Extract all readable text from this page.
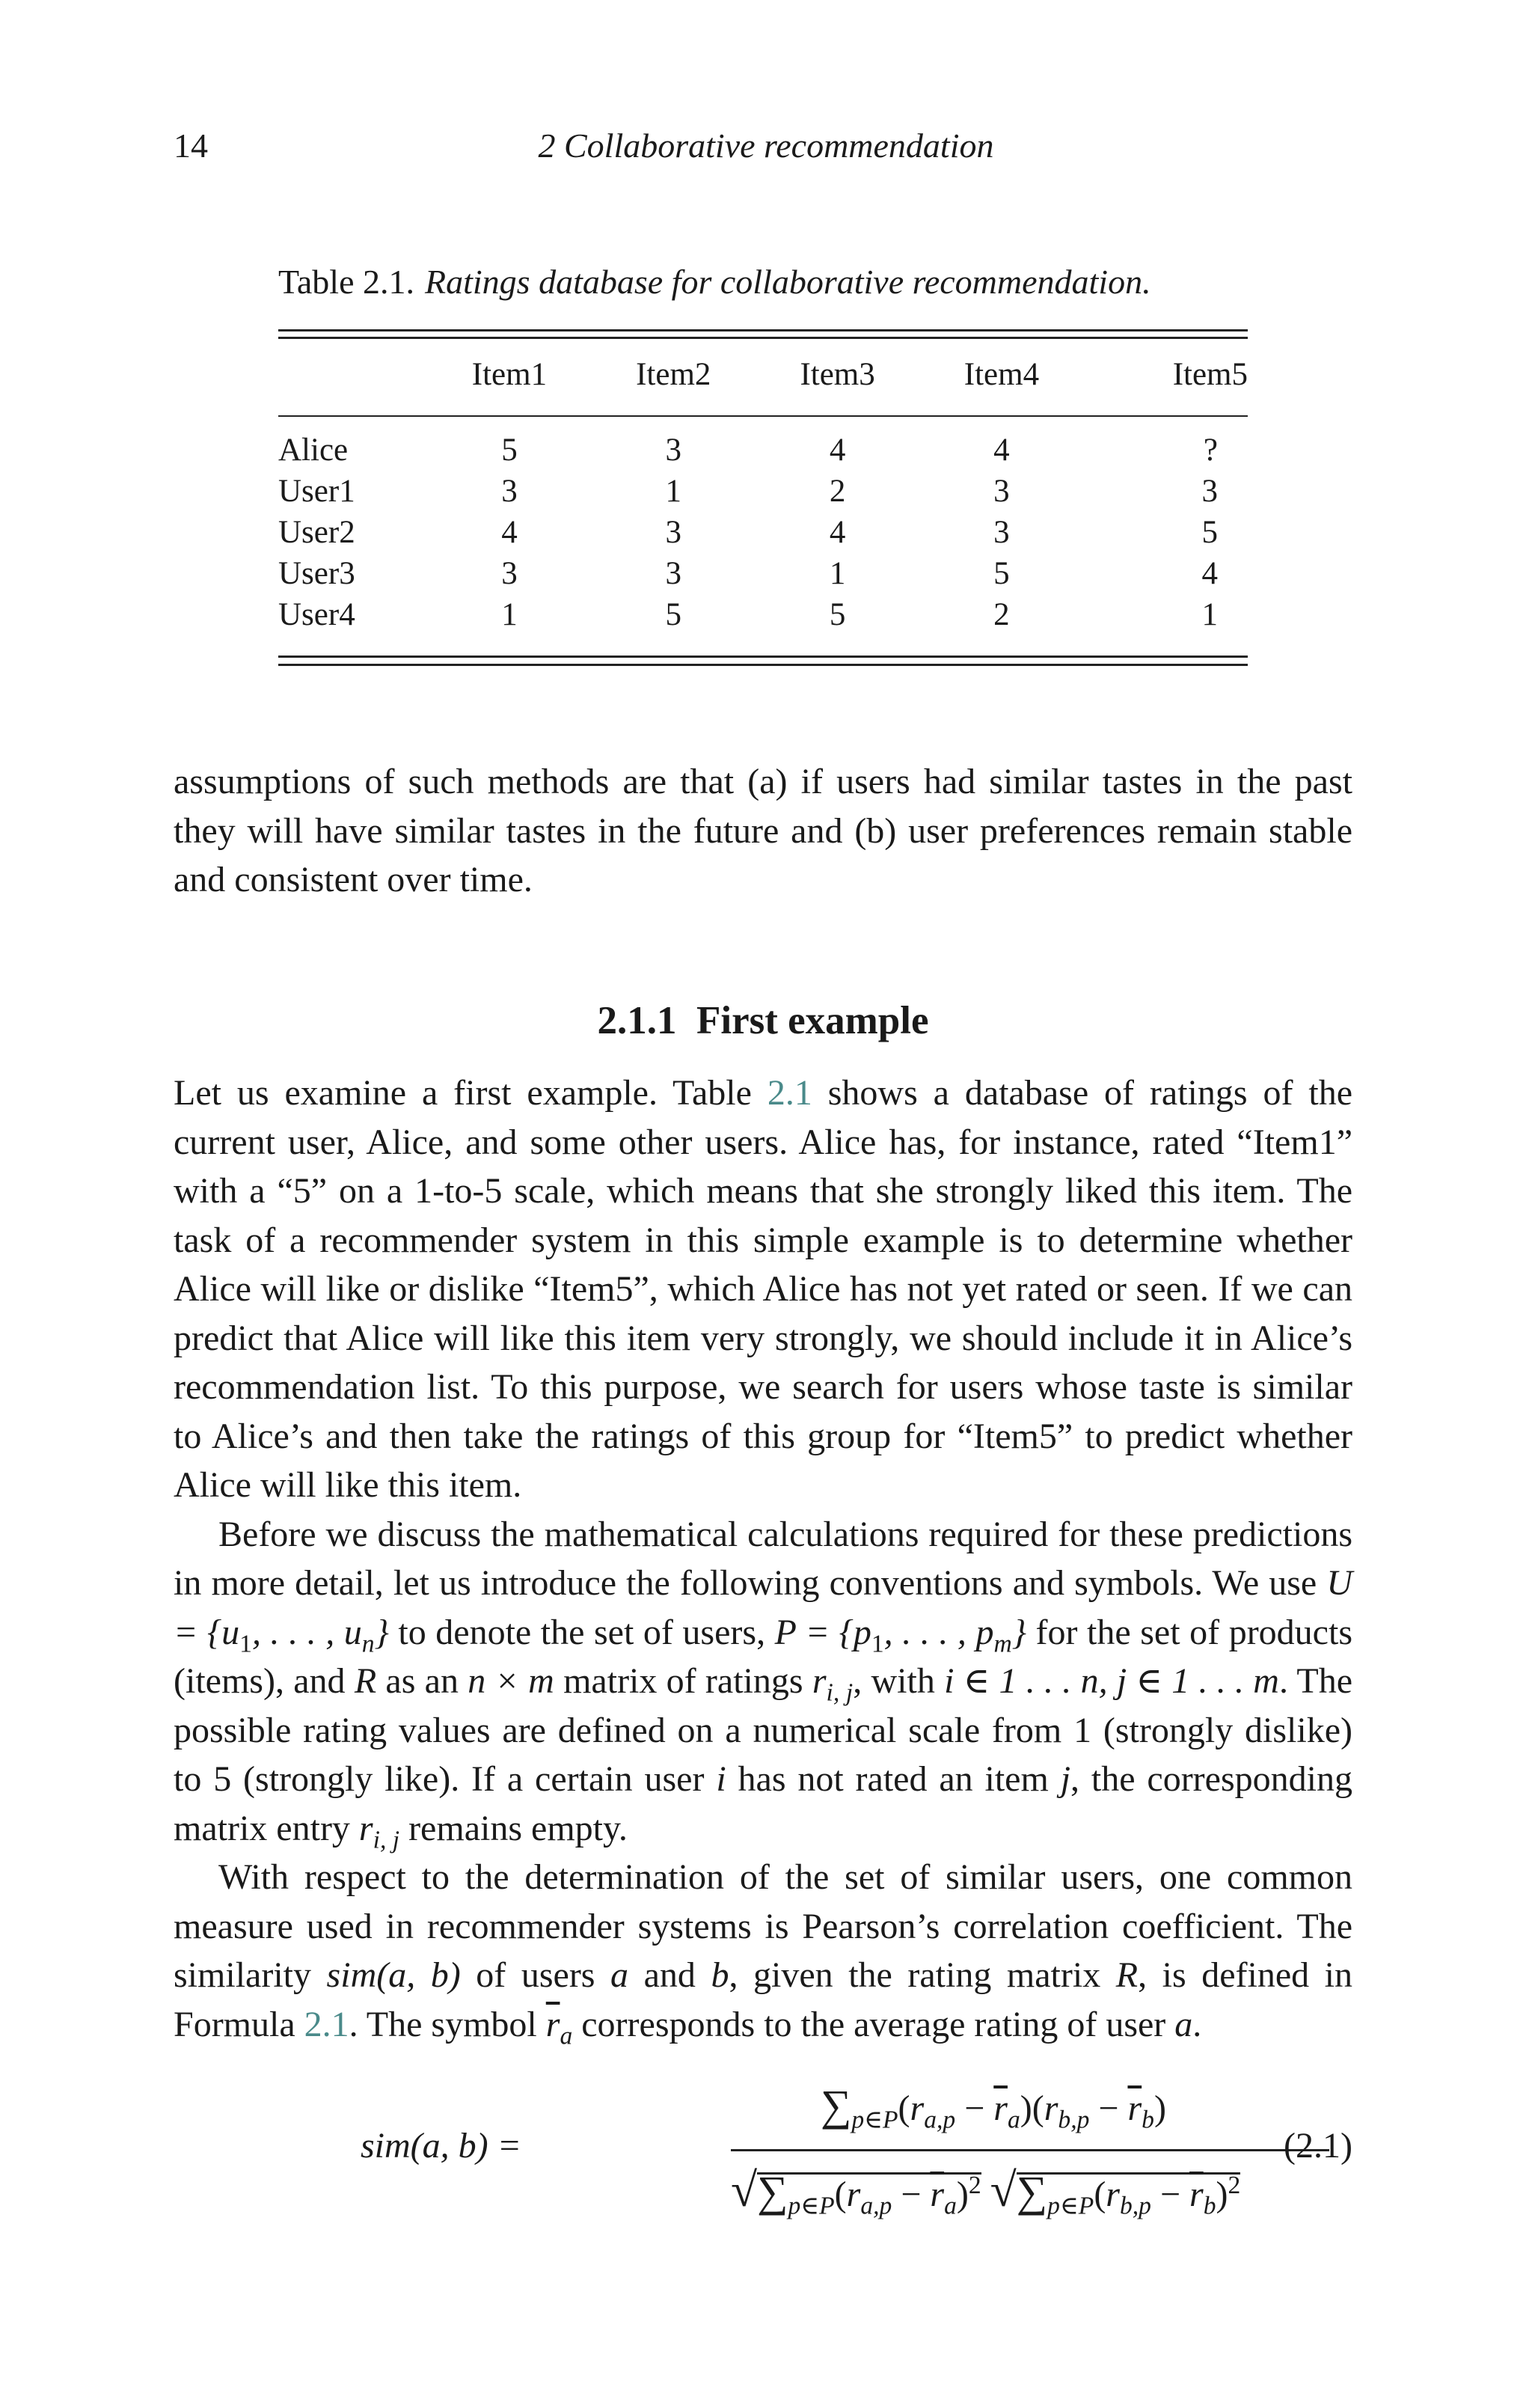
14	2 Collaborative recommendation
Table 2.1. Ratings database for collaborative recommendation.
	Item1	Item2	Item3	Item4	Item5

Alice	5	3	4	4	?
User1	3	1	2	3	3
User2	4	3	4	3	5
User3	3	3	1	5	4
User4	1	5	5	2	1

assumptions of such methods are that (a) if users had similar tastes in the past they will have similar tastes in the future and (b) user preferences remain stable and consistent over time.

2.1.1 First example

Let us examine a first example. Table 2.1 shows a database of ratings of the current user, Alice, and some other users. Alice has, for instance, rated “Item1” with a “5” on a 1-to-5 scale, which means that she strongly liked this item. The task of a recommender system in this simple example is to determine whether Alice will like or dislike “Item5”, which Alice has not yet rated or seen. If we can predict that Alice will like this item very strongly, we should include it in Alice’s recommendation list. To this purpose, we search for users whose taste is similar to Alice’s and then take the ratings of this group for “Item5” to predict whether Alice will like this item.

Before we discuss the mathematical calculations required for these predictions in more detail, let us introduce the following conventions and symbols. We use $U = \{u_1$, . . . , $u_n$} to denote the set of users, $P = \{p_1$, . . . , $p_m$} for the set of products (items), and R as an n × m matrix of ratings $r_{i, j}$, with i ∈ 1 . . . n, j ∈ 1 . . . m. The possible rating values are defined on a numerical scale from 1 (strongly dislike) to 5 (strongly like). If a certain user i has not rated an item j, the corresponding matrix entry $r_{i, j}$ remains empty.

With respect to the determination of the set of similar users, one common measure used in recommender systems is Pearson’s correlation coefficient. The similarity sim(a, b) of users a and b, given the rating matrix R, is defined in Formula 2.1. The symbol $\overline{r}_a$ corresponds to the average rating of user a.

sim(a, b) =
$\sum_{p\in P}(r_{a,p} - \overline{r}_a)(r_{b,p} - \overline{r}_b)$
$√\sum_{p\in P}(r_{a,p} - \overline{r}_a)^2$ $√\sum_{p\in P}(r_{b,p} - \overline{r}_b)^2$
(2.1)
